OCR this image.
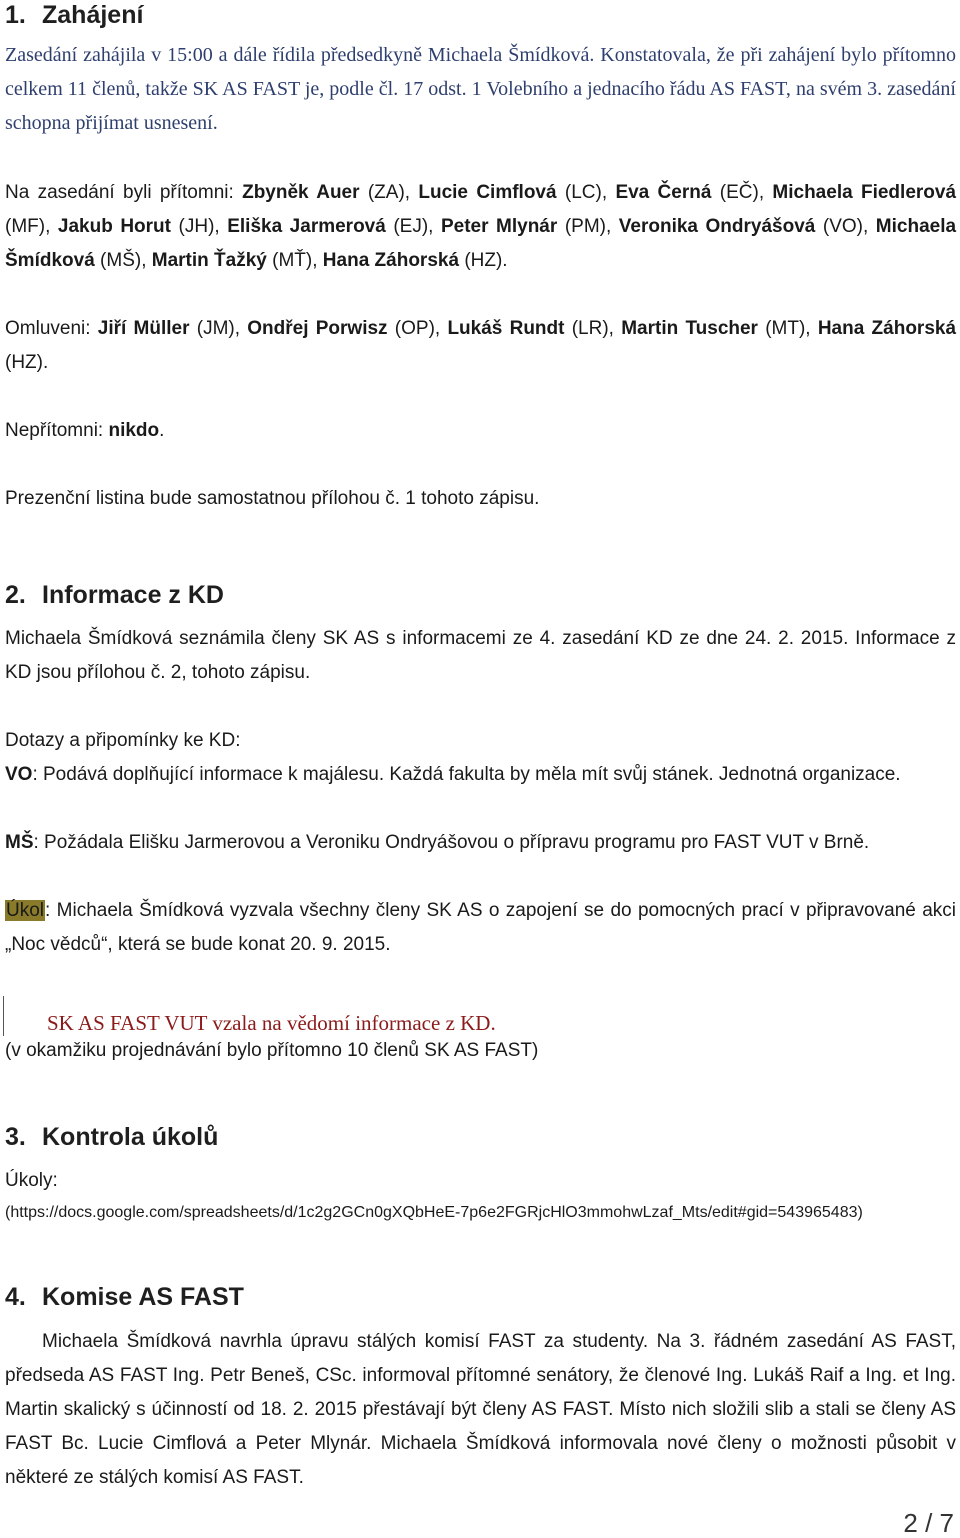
1. Zahájení

Zasedání zahájila v 15:00 a dále řídila předsedkyně Michaela Šmídková. Konstatovala, že při zahájení bylo přítomno celkem 11 členů, takže SK AS FAST je, podle čl. 17 odst. 1 Volebního a jednacího řádu AS FAST, na svém 3. zasedání schopna přijímat usnesení.

Na zasedání byli přítomni: Zbyněk Auer (ZA), Lucie Cimflová (LC), Eva Černá (EČ), Michaela Fiedlerová (MF), Jakub Horut (JH), Eliška Jarmerová (EJ), Peter Mlynár (PM), Veronika Ondryášová (VO), Michaela Šmídková (MŠ), Martin Ťažký (MŤ), Hana Záhorská (HZ).

Omluveni: Jiří Müller (JM), Ondřej Porwisz (OP), Lukáš Rundt (LR), Martin Tuscher (MT), Hana Záhorská (HZ).

Nepřítomni: nikdo.

Prezenční listina bude samostatnou přílohou č. 1 tohoto zápisu.

2. Informace z KD

Michaela Šmídková seznámila členy SK AS s informacemi ze 4. zasedání KD ze dne 24. 2. 2015. Informace z KD jsou přílohou č. 2, tohoto zápisu.

Dotazy a připomínky ke KD:

VO: Podává doplňující informace k majálesu. Každá fakulta by měla mít svůj stánek. Jednotná organizace.

MŠ: Požádala Elišku Jarmerovou a Veroniku Ondryášovou o přípravu programu pro FAST VUT v Brně.

Úkol: Michaela Šmídková vyzvala všechny členy SK AS o zapojení se do pomocných prací v připravované akci „Noc vědců“, která se bude konat 20. 9. 2015.

SK AS FAST VUT vzala na vědomí informace z KD.

(v okamžiku projednávání bylo přítomno 10 členů SK AS FAST)

3. Kontrola úkolů

Úkoly:

(https://docs.google.com/spreadsheets/d/1c2g2GCn0gXQbHeE-7p6e2FGRjcHlO3mmohwLzaf_Mts/edit#gid=543965483)

4. Komise AS FAST

Michaela Šmídková navrhla úpravu stálých komisí FAST za studenty. Na 3. řádném zasedání AS FAST, předseda AS FAST Ing. Petr Beneš, CSc. informoval přítomné senátory, že členové Ing. Lukáš Raif a Ing. et Ing. Martin skalický s účinností od 18. 2. 2015 přestávají být členy AS FAST. Místo nich složili slib a stali se členy AS FAST Bc. Lucie Cimflová a Peter Mlynár. Michaela Šmídková informovala nové členy o možnosti působit v některé ze stálých komisí AS FAST.

2 / 7
